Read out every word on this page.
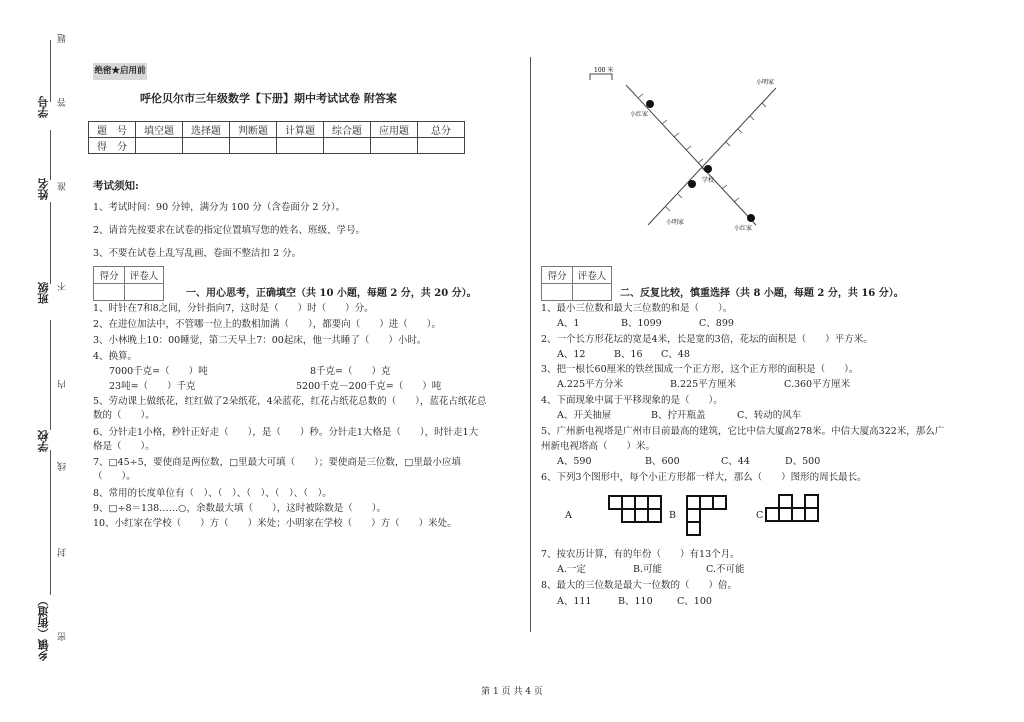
学号
姓名
班级
学校
乡镇（街道）
题
答
准
不
内
线
封
密
绝密★启用前
呼伦贝尔市三年级数学【下册】期中考试试卷 附答案
题　号	填空题	选择题	判断题	计算题	综合题	应用题	总分
得　分							
考试须知:
1、考试时间：90 分钟，满分为 100 分（含卷面分 2 分）。
2、请首先按要求在试卷的指定位置填写您的姓名、班级、学号。
3、不要在试卷上乱写乱画，卷面不整洁扣 2 分。
得分	评卷人

一、用心思考，正确填空（共 10 小题，每题 2 分，共 20 分）。
1、时针在7和8之间，分针指向7，这时是（　　）时（　　）分。
2、在进位加法中，不管哪一位上的数相加满（　　），都要向（　　）进（　　）。
3、小林晚上10：00睡觉，第二天早上7：00起床，他一共睡了（　　）小时。
4、换算。
7000千克=（　　）吨	8千克=（　　）克
23吨=（　　）千克	5200千克－200千克=（　　）吨
5、劳动课上做纸花，红红做了2朵纸花，4朵蓝花，红花占纸花总数的（　　），蓝花占纸花总
数的（　　）。
6、分针走1小格，秒针正好走（　　），是（　　）秒。分针走1大格是（　　），时针走1大
格是（　　）。
7、□45÷5，要使商是两位数，□里最大可填（　　）；要使商是三位数，□里最小应填
（　　）。
8、常用的长度单位有（　）、（　）、（　）、（　）、（　）。
9、□÷8＝138……○，余数最大填（　　），这时被除数是（　　）。
10、小红家在学校（　　）方（　　）米处；小明家在学校（　　）方（　　）米处。
100 米
小明家
小红家
学校
小明家
小红家
得分	评卷人

二、反复比较，慎重选择（共 8 小题，每题 2 分，共 16 分）。
1、最小三位数和最大三位数的和是（　　）。
A、1	B、1099	C、899
2、一个长方形花坛的宽是4米，长是宽的3倍，花坛的面积是（　　）平方米。
A、12	B、16 C、48
3、把一根长60厘米的铁丝围成一个正方形，这个正方形的面积是（　　）。
A.225平方分米	B.225平方厘米	C.360平方厘米
4、下面现象中属于平移现象的是（　　）。
A、开关抽屉	B、拧开瓶盖	C、转动的风车
5、广州新电视塔是广州市目前最高的建筑，它比中信大厦高278米。中信大厦高322米，那么广
州新电视塔高（　　）米。
A、590	B、600	C、44	D、500
6、下列3个图形中，每个小正方形都一样大，那么（　　）图形的周长最长。
A	B	C
7、按农历计算，有的年份（　　）有13个月。
A.一定	B.可能	C.不可能
8、最大的三位数是最大一位数的（　　）倍。
A、111	B、110	C、100
第 1 页 共 4 页
